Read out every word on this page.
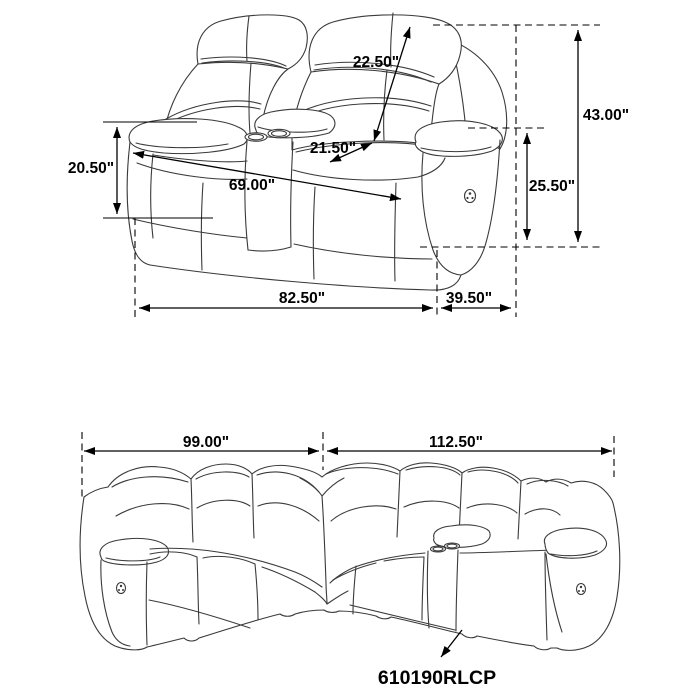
20.50"
22.50"
21.50"
69.00"
43.00"
25.50"
82.50"	39.50"
99.00"	112.50"
610190RLCP
